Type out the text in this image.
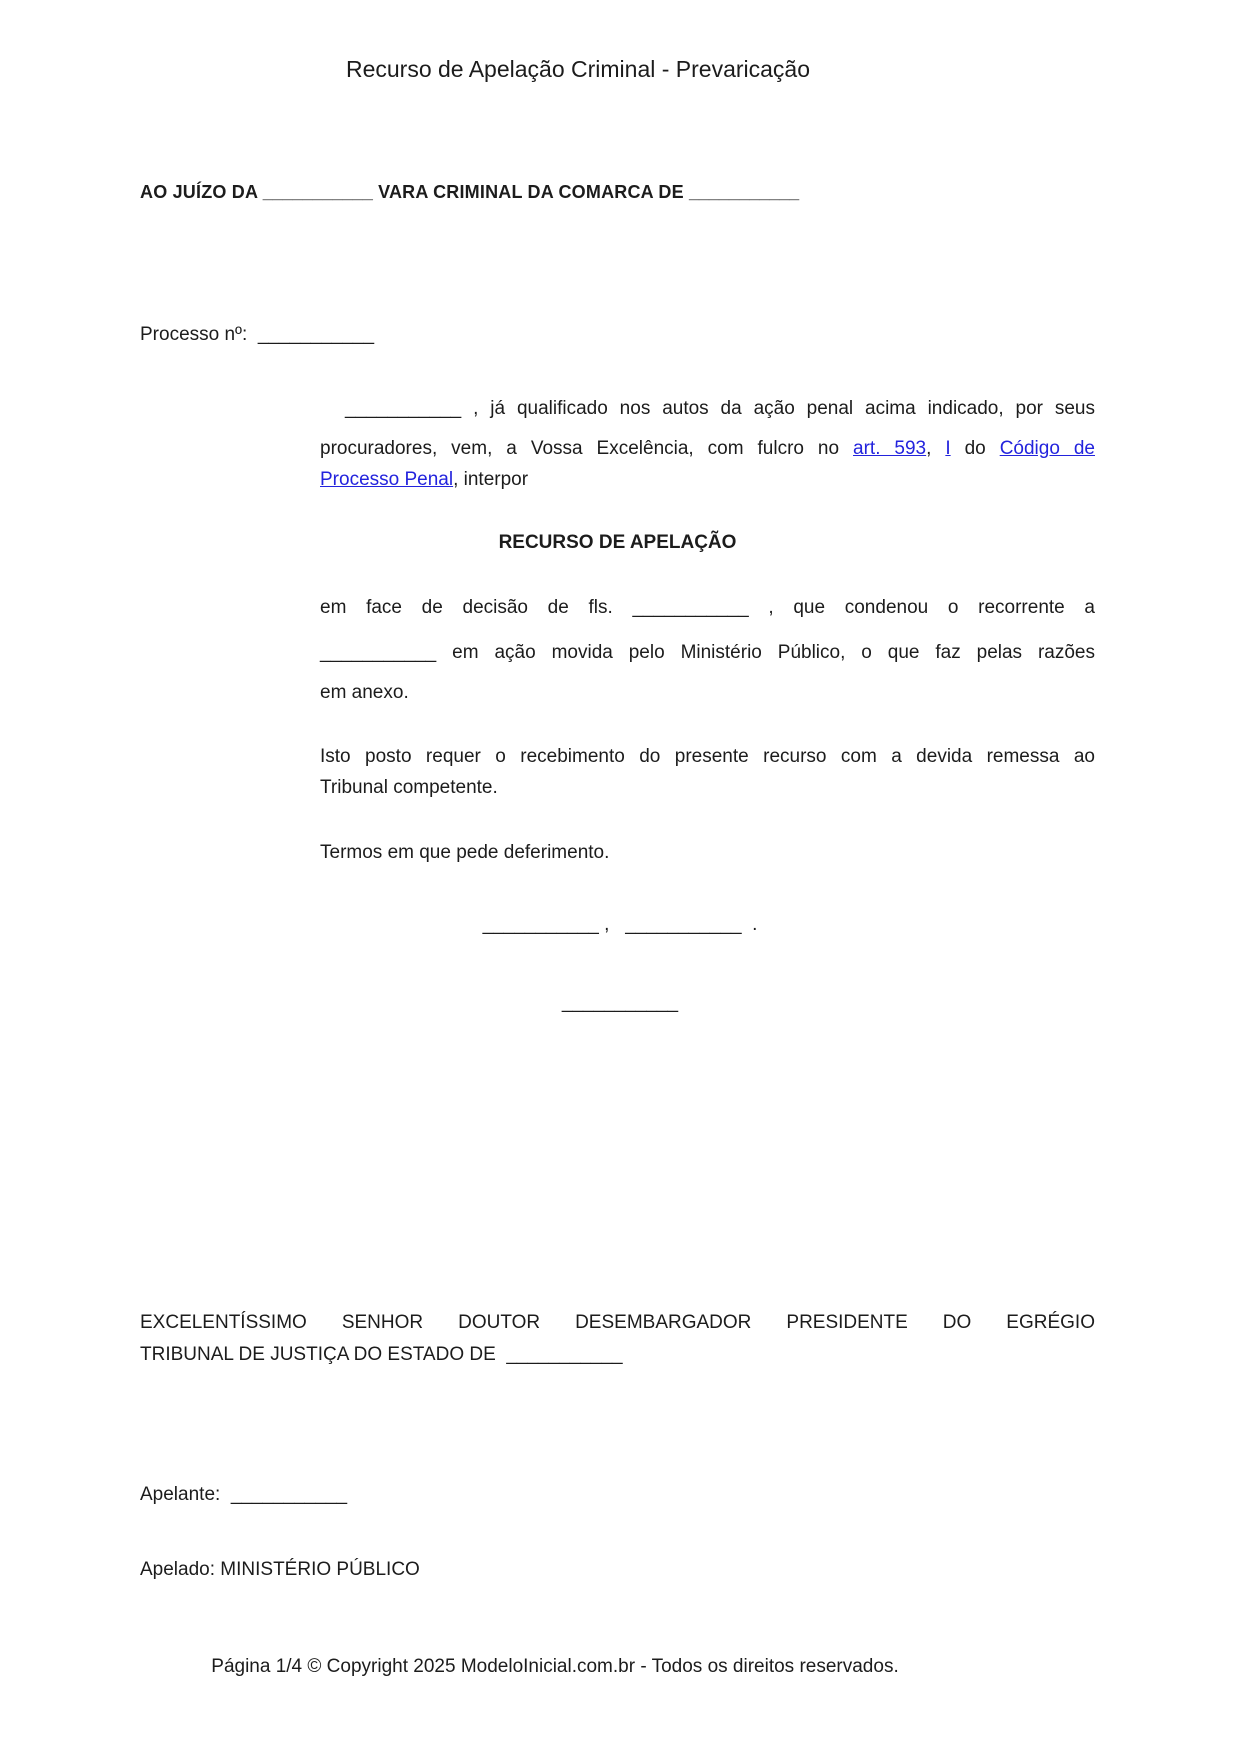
Recurso de Apelação Criminal - Prevaricação
AO JUÍZO DA ___________ VARA CRIMINAL DA COMARCA DE ___________
Processo nº: ___________
___________ , já qualificado nos autos da ação penal acima indicado, por seus
procuradores, vem, a Vossa Excelência, com fulcro no art. 593, I do Código de
Processo Penal, interpor
RECURSO DE APELAÇÃO
em face de decisão de fls. ___________ , que condenou o recorrente a
___________ em ação movida pelo Ministério Público, o que faz pelas razões
em anexo.
Isto posto requer o recebimento do presente recurso com a devida remessa ao
Tribunal competente.
Termos em que pede deferimento.
___________ ,   ___________  .
___________
EXCELENTÍSSIMO SENHOR DOUTOR DESEMBARGADOR PRESIDENTE DO EGRÉGIO
TRIBUNAL DE JUSTIÇA DO ESTADO DE  ___________
Apelante:  ___________
Apelado: MINISTÉRIO PÚBLICO
Página 1/4 © Copyright 2025 ModeloInicial.com.br - Todos os direitos reservados.
